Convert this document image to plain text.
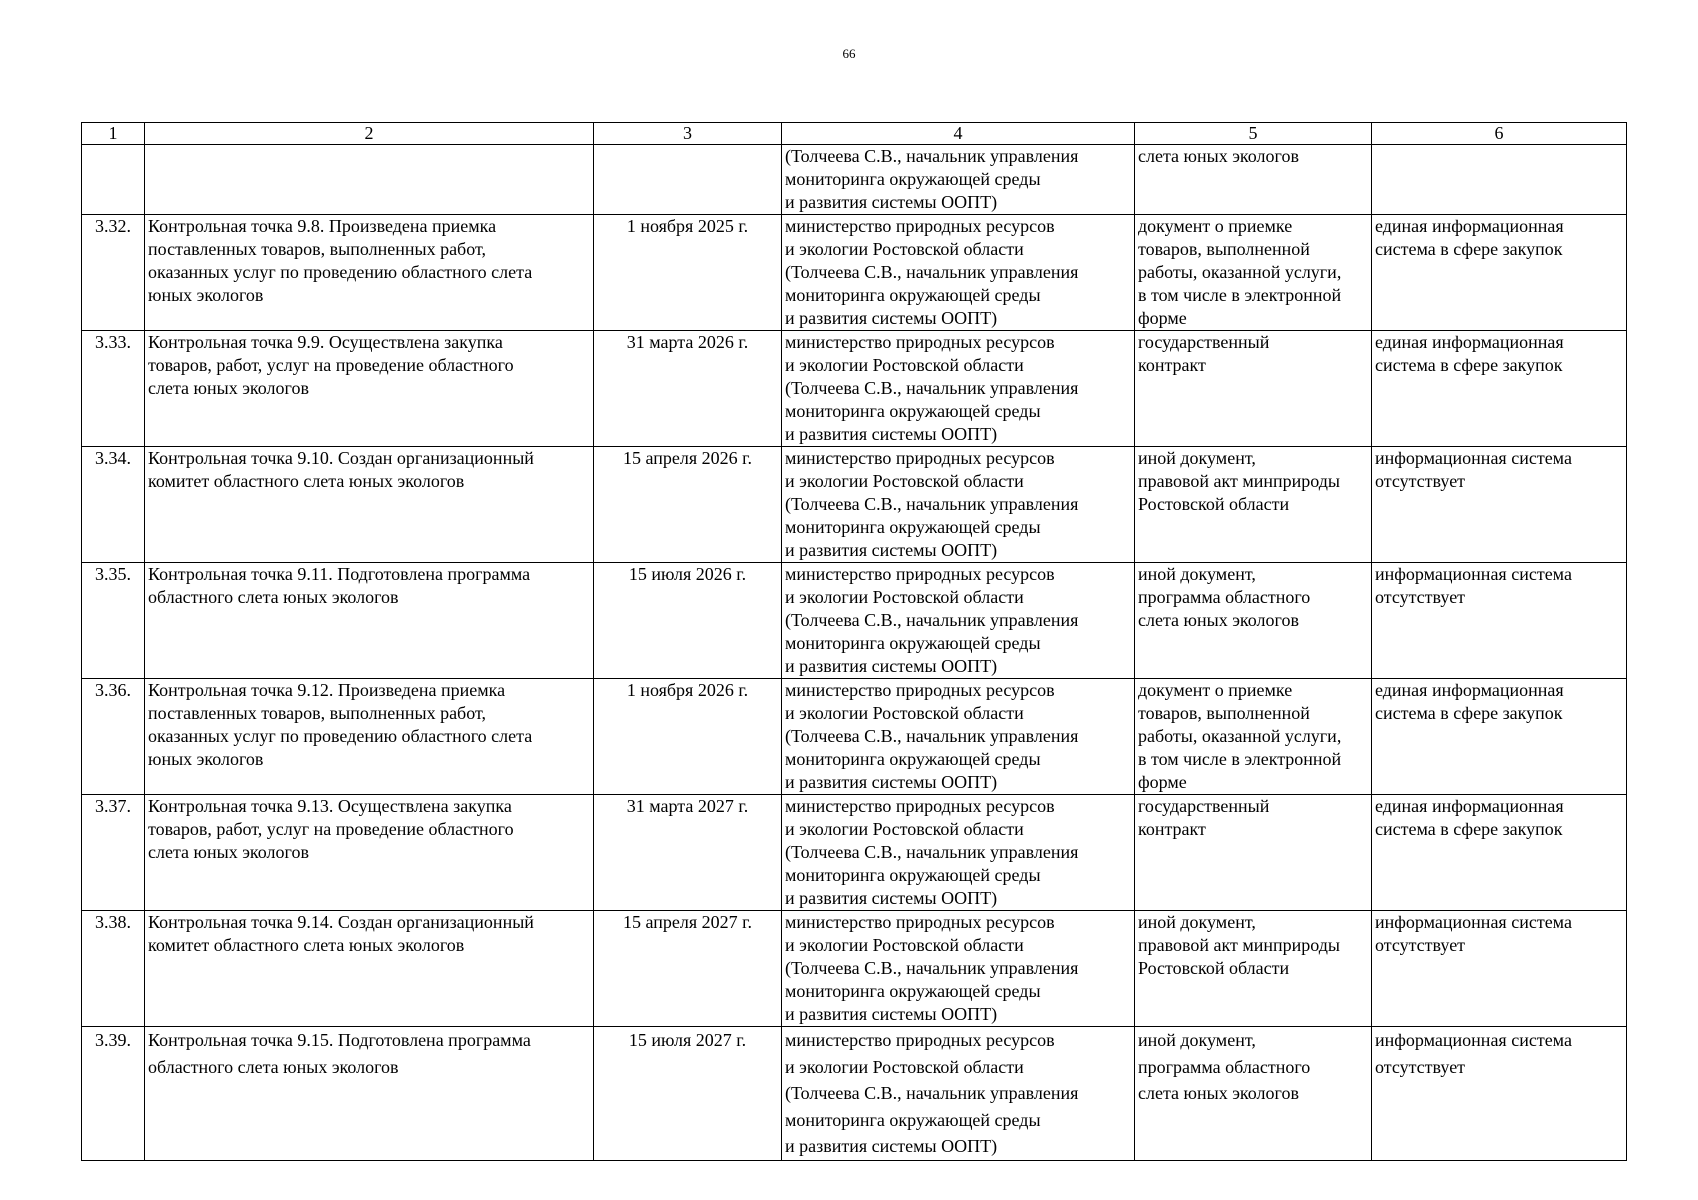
66
1	2	3	4	5	6
			(Толчеева С.В., начальник управления
мониторинга окружающей среды
и развития системы ООПТ)	слета юных экологов	
3.32.	Контрольная точка 9.8. Произведена приемка
поставленных товаров, выполненных работ,
оказанных услуг по проведению областного слета
юных экологов	1 ноября 2025 г.	министерство природных ресурсов
и экологии Ростовской области
(Толчеева С.В., начальник управления
мониторинга окружающей среды
и развития системы ООПТ)	документ о приемке
товаров, выполненной
работы, оказанной услуги,
в том числе в электронной
форме	единая информационная
система в сфере закупок
3.33.	Контрольная точка 9.9. Осуществлена закупка
товаров, работ, услуг на проведение областного
слета юных экологов	31 марта 2026 г.	министерство природных ресурсов
и экологии Ростовской области
(Толчеева С.В., начальник управления
мониторинга окружающей среды
и развития системы ООПТ)	государственный
контракт	единая информационная
система в сфере закупок
3.34.	Контрольная точка 9.10. Создан организационный
комитет областного слета юных экологов	15 апреля 2026 г.	министерство природных ресурсов
и экологии Ростовской области
(Толчеева С.В., начальник управления
мониторинга окружающей среды
и развития системы ООПТ)	иной документ,
правовой акт минприроды
Ростовской области	информационная система
отсутствует
3.35.	Контрольная точка 9.11. Подготовлена программа
областного слета юных экологов	15 июля 2026 г.	министерство природных ресурсов
и экологии Ростовской области
(Толчеева С.В., начальник управления
мониторинга окружающей среды
и развития системы ООПТ)	иной документ,
программа областного
слета юных экологов	информационная система
отсутствует
3.36.	Контрольная точка 9.12. Произведена приемка
поставленных товаров, выполненных работ,
оказанных услуг по проведению областного слета
юных экологов	1 ноября 2026 г.	министерство природных ресурсов
и экологии Ростовской области
(Толчеева С.В., начальник управления
мониторинга окружающей среды
и развития системы ООПТ)	документ о приемке
товаров, выполненной
работы, оказанной услуги,
в том числе в электронной
форме	единая информационная
система в сфере закупок
3.37.	Контрольная точка 9.13. Осуществлена закупка
товаров, работ, услуг на проведение областного
слета юных экологов	31 марта 2027 г.	министерство природных ресурсов
и экологии Ростовской области
(Толчеева С.В., начальник управления
мониторинга окружающей среды
и развития системы ООПТ)	государственный
контракт	единая информационная
система в сфере закупок
3.38.	Контрольная точка 9.14. Создан организационный
комитет областного слета юных экологов	15 апреля 2027 г.	министерство природных ресурсов
и экологии Ростовской области
(Толчеева С.В., начальник управления
мониторинга окружающей среды
и развития системы ООПТ)	иной документ,
правовой акт минприроды
Ростовской области	информационная система
отсутствует
3.39.	Контрольная точка 9.15. Подготовлена программа
областного слета юных экологов	15 июля 2027 г.	министерство природных ресурсов
и экологии Ростовской области
(Толчеева С.В., начальник управления
мониторинга окружающей среды
и развития системы ООПТ)	иной документ,
программа областного
слета юных экологов	информационная система
отсутствует
